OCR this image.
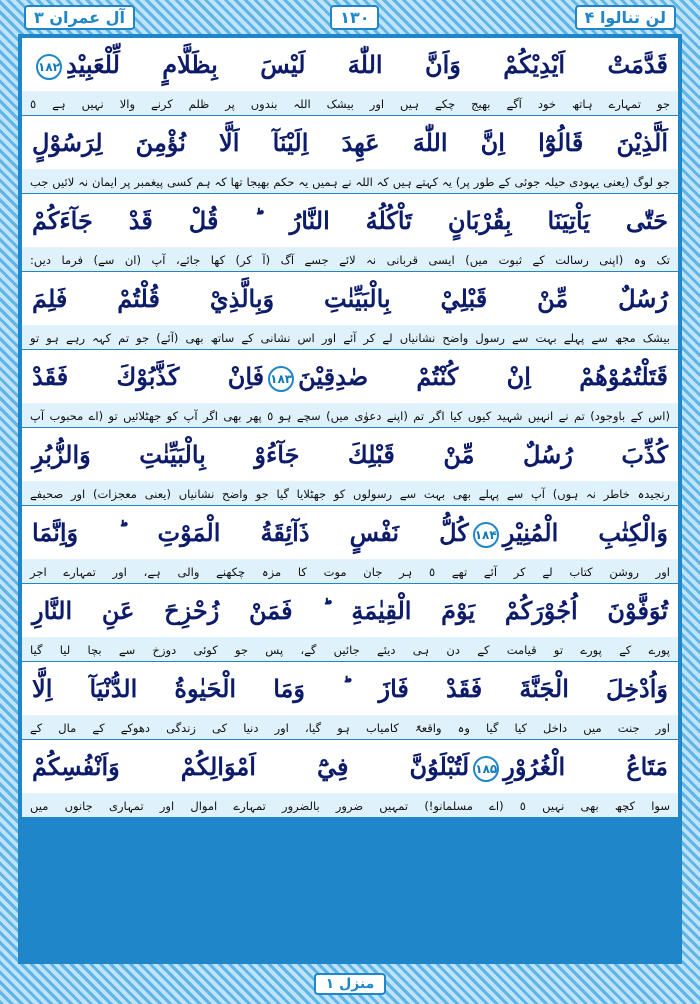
آل عمران ۳	۱۳۰	لن تنالوا ۴
قَدَّمَتْ اَيْدِيْكُمْ وَاَنَّ اللّٰهَ لَيْسَ بِظَلَّامٍ لِّلْعَبِيْدِ۱۸۲
جو تمہارے ہاتھ خود آگے بھیج چکے ہیں اور بیشک اللہ بندوں پر ظلم کرنے والا نہیں ہے ٥
اَلَّذِيْنَ قَالُوْٓا اِنَّ اللّٰهَ عَهِدَ اِلَيْنَآ اَلَّا نُؤْمِنَ لِرَسُوْلٍ
جو لوگ (یعنی یہودی حیلہ جوئی کے طور پر) یہ کہتے ہیں کہ اللہ نے ہمیں یہ حکم بھیجا تھا کہ ہم کسی پیغمبر پر ایمان نہ لائیں جب
حَتّٰى يَاْتِيَنَا بِقُرْبَانٍ تَاْكُلُهُ النَّارُ ؕ قُلْ قَدْ جَآءَكُمْ
تک وہ (اپنی رسالت کے ثبوت میں) ایسی قربانی نہ لائے جسے آگ (آ کر) کھا جائے، آپ (ان سے) فرما دیں:
رُسُلٌ مِّنْ قَبْلِيْ بِالْبَيِّنٰتِ وَبِالَّذِيْ قُلْتُمْ فَلِمَ
بیشک مجھ سے پہلے بہت سے رسول واضح نشانیاں لے کر آئے اور اس نشانی کے ساتھ بھی (آئے) جو تم کہہ رہے ہو تو
قَتَلْتُمُوْهُمْ اِنْ كُنْتُمْ صٰدِقِيْنَ۱۸۳فَاِنْ كَذَّبُوْكَ فَقَدْ
(اس کے باوجود) تم نے انہیں شہید کیوں کیا اگر تم (اپنے دعوٰی میں) سچے ہو ٥ پھر بھی اگر آپ کو جھٹلائیں تو (اے محبوب آپ
كُذِّبَ رُسُلٌ مِّنْ قَبْلِكَ جَآءُوْ بِالْبَيِّنٰتِ وَالزُّبُرِ
رنجیدہ خاطر نہ ہوں) آپ سے پہلے بھی بہت سے رسولوں کو جھٹلایا گیا جو واضح نشانیاں (یعنی معجزات) اور صحیفے
وَالْكِتٰبِ الْمُنِيْرِ۱۸۴كُلُّ نَفْسٍ ذَآئِقَةُ الْمَوْتِ ؕ وَاِنَّمَا
اور روشن کتاب لے کر آئے تھے ٥ ہر جان موت کا مزہ چکھنے والی ہے، اور تمہارے اجر
تُوَفَّوْنَ اُجُوْرَكُمْ يَوْمَ الْقِيٰمَةِ ؕ فَمَنْ زُحْزِحَ عَنِ النَّارِ
پورے کے پورے تو قیامت کے دن ہی دیئے جائیں گے، پس جو کوئی دوزخ سے بچا لیا گیا
وَاُدْخِلَ الْجَنَّةَ فَقَدْ فَازَ ؕ وَمَا الْحَيٰوةُ الدُّنْيَآ اِلَّا
اور جنت میں داخل کیا گیا وہ واقعۃً کامیاب ہو گیا، اور دنیا کی زندگی دھوکے کے مال کے
مَتَاعُ الْغُرُوْرِ۱۸۵لَتُبْلَوُنَّ فِيْٓ اَمْوَالِكُمْ وَاَنْفُسِكُمْ
سوا کچھ بھی نہیں ٥ (اے مسلمانو!) تمہیں ضرور بالضرور تمہارے اموال اور تمہاری جانوں میں
منزل ۱
